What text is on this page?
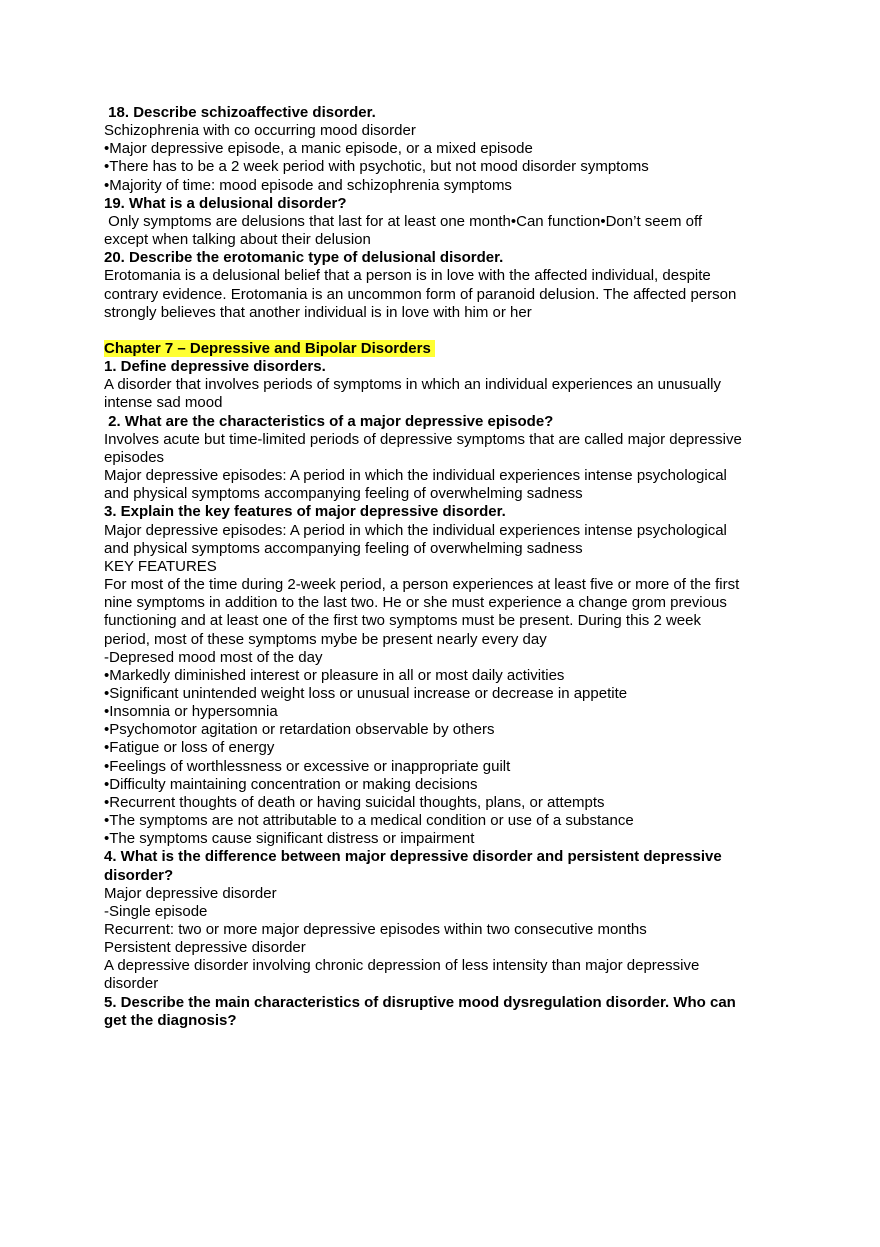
18. Describe schizoaffective disorder.

Schizophrenia with co occurring mood disorder

•Major depressive episode, a manic episode, or a mixed episode

•There has to be a 2 week period with psychotic, but not mood disorder symptoms

•Majority of time: mood episode and schizophrenia symptoms

19. What is a delusional disorder?

Only symptoms are delusions that last for at least one month•Can function•Don’t seem off

except when talking about their delusion

20. Describe the erotomanic type of delusional disorder.

Erotomania is a delusional belief that a person is in love with the affected individual, despite

contrary evidence. Erotomania is an uncommon form of paranoid delusion. The affected person

strongly believes that another individual is in love with him or her

Chapter 7 – Depressive and Bipolar Disorders

1. Define depressive disorders.

A disorder that involves periods of symptoms in which an individual experiences an unusually

intense sad mood

2. What are the characteristics of a major depressive episode?

Involves acute but time-limited periods of depressive symptoms that are called major depressive

episodes

Major depressive episodes: A period in which the individual experiences intense psychological

and physical symptoms accompanying feeling of overwhelming sadness

3. Explain the key features of major depressive disorder.

Major depressive episodes: A period in which the individual experiences intense psychological

and physical symptoms accompanying feeling of overwhelming sadness

KEY FEATURES

For most of the time during 2-week period, a person experiences at least five or more of the first

nine symptoms in addition to the last two. He or she must experience a change grom previous

functioning and at least one of the first two symptoms must be present. During this 2 week

period, most of these symptoms mybe be present nearly every day

-Depresed mood most of the day

•Markedly diminished interest or pleasure in all or most daily activities

•Significant unintended weight loss or unusual increase or decrease in appetite

•Insomnia or hypersomnia

•Psychomotor agitation or retardation observable by others

•Fatigue or loss of energy

•Feelings of worthlessness or excessive or inappropriate guilt

•Difficulty maintaining concentration or making decisions

•Recurrent thoughts of death or having suicidal thoughts, plans, or attempts

•The symptoms are not attributable to a medical condition or use of a substance

•The symptoms cause significant distress or impairment

4. What is the difference between major depressive disorder and persistent depressive

disorder?

Major depressive disorder

-Single episode

Recurrent: two or more major depressive episodes within two consecutive months

Persistent depressive disorder

A depressive disorder involving chronic depression of less intensity than major depressive

disorder

5. Describe the main characteristics of disruptive mood dysregulation disorder. Who can

get the diagnosis?
